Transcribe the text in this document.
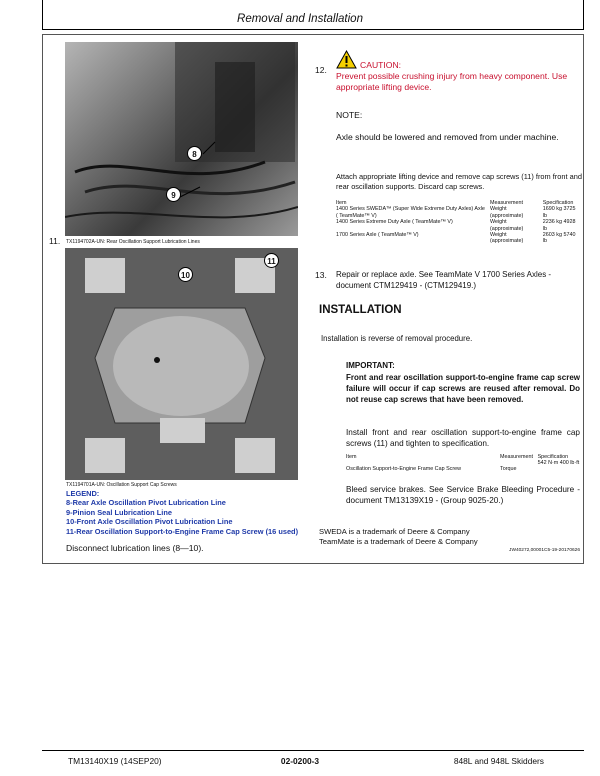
Removal and Installation
11.
8
9
TX1194702A-UN: Rear Oscillation Support Lubrication Lines
10
11
TX1194701A-UN: Oscillation Support Cap Screws
LEGEND:
8-Rear Axle Oscillation Pivot Lubrication Line
9-Pinion Seal Lubrication Line
10-Front Axle Oscillation Pivot Lubrication Line
11-Rear Oscillation Support-to-Engine Frame Cap Screw (16 used)
Disconnect lubrication lines (8—10).
12.	CAUTION:
Prevent possible crushing injury from heavy component. Use appropriate lifting device.
NOTE:
Axle should be lowered and removed from under machine.
Attach appropriate lifting device and remove cap screws (11) from front and rear oscillation supports. Discard cap screws.
Item	Measurement	Specification
1400 Series SWEDA™ (Super Wide Extreme Duty Axles) Axle ( TeamMate™ V)	Weight (approximate)	1690 kg 3725 lb
1400 Series Extreme Duty Axle ( TeamMate™ V)	Weight (approximate)	2236 kg 4928 lb
1700 Series Axle ( TeamMate™ V)	Weight (approximate)	2603 kg 5740 lb
13. Repair or replace axle. See TeamMate V 1700 Series Axles - document CTM129419 - (CTM129419.)
INSTALLATION
Installation is reverse of removal procedure.
IMPORTANT:
Front and rear oscillation support-to-engine frame cap screw failure will occur if cap screws are reused after removal. Do not reuse cap screws that have been removed.
Install front and rear oscillation support-to-engine frame cap screws (11) and tighten to specification.
Item	Measurement	Specification
Oscillation Support-to-Engine Frame Cap Screw	Torque	542 N·m 400 lb·ft
Bleed service brakes. See Service Brake Bleeding Procedure - document TM13139X19 - (Group 9025-20.)
SWEDA is a trademark of Deere & Company
TeamMate is a trademark of Deere & Company
JW40272,00001C5-19-20170626
TM13140X19 (14SEP20)	02-0200-3	848L and 948L Skidders
